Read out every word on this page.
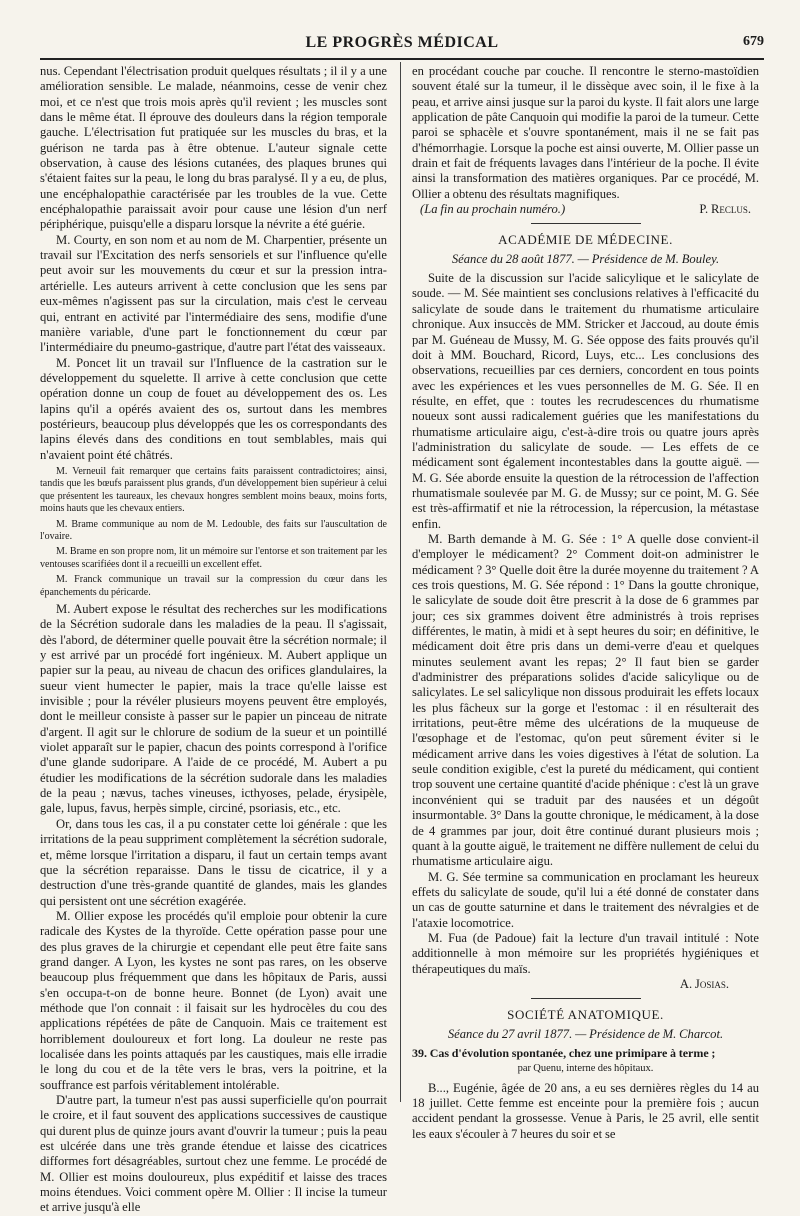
LE PROGRÈS MÉDICAL	679

nus. Cependant l'électrisation produit quelques résultats ; il il y a une amélioration sensible. Le malade, néanmoins, cesse de venir chez moi, et ce n'est que trois mois après qu'il revient ; les muscles sont dans le même état. Il éprouve des douleurs dans la région temporale gauche. L'électrisation fut pratiquée sur les muscles du bras, et la guérison ne tarda pas à être obtenue. L'auteur signale cette observation, à cause des lésions cutanées, des plaques brunes qui s'étaient faites sur la peau, le long du bras paralysé. Il y a eu, de plus, une encéphalopathie caractérisée par les troubles de la vue. Cette encéphalopathie paraissait avoir pour cause une lésion d'un nerf périphérique, puisqu'elle a disparu lorsque la névrite a été guérie.

M. Courty, en son nom et au nom de M. Charpentier, présente un travail sur l'Excitation des nerfs sensoriels et sur l'influence qu'elle peut avoir sur les mouvements du cœur et sur la pression intra-artérielle. Les auteurs arrivent à cette conclusion que les sens par eux-mêmes n'agissent pas sur la circulation, mais c'est le cerveau qui, entrant en activité par l'intermédiaire des sens, modifie d'une manière variable, d'une part le fonctionnement du cœur par l'intermédiaire du pneumo-gastrique, d'autre part l'état des vaisseaux.

M. Poncet lit un travail sur l'Influence de la castration sur le développement du squelette. Il arrive à cette conclusion que cette opération donne un coup de fouet au développement des os. Les lapins qu'il a opérés avaient des os, surtout dans les membres postérieurs, beaucoup plus développés que les os correspondants des lapins élevés dans des conditions en tout semblables, mais qui n'avaient point été châtrés.

M. Verneuil fait remarquer que certains faits paraissent contradictoires; ainsi, tandis que les bœufs paraissent plus grands, d'un développement bien supérieur à celui que présentent les taureaux, les chevaux hongres semblent moins beaux, moins forts, moins hauts que les chevaux entiers.

M. Brame communique au nom de M. Ledouble, des faits sur l'auscultation de l'ovaire.

M. Brame en son propre nom, lit un mémoire sur l'entorse et son traitement par les ventouses scarifiées dont il a recueilli un excellent effet.

M. Franck communique un travail sur la compression du cœur dans les épanchements du péricarde.

M. Aubert expose le résultat des recherches sur les modifications de la Sécrétion sudorale dans les maladies de la peau. Il s'agissait, dès l'abord, de déterminer quelle pouvait être la sécrétion normale; il y est arrivé par un procédé fort ingénieux. M. Aubert applique un papier sur la peau, au niveau de chacun des orifices glandulaires, la sueur vient humecter le papier, mais la trace qu'elle laisse est invisible ; pour la révéler plusieurs moyens peuvent être employés, dont le meilleur consiste à passer sur le papier un pinceau de nitrate d'argent. Il agit sur le chlorure de sodium de la sueur et un pointillé violet apparaît sur le papier, chacun des points correspond à l'orifice d'une glande sudoripare. A l'aide de ce procédé, M. Aubert a pu étudier les modifications de la sécrétion sudorale dans les maladies de la peau ; nævus, taches vineuses, icthyoses, pelade, érysipèle, gale, lupus, favus, herpès simple, circiné, psoriasis, etc., etc.

Or, dans tous les cas, il a pu constater cette loi générale : que les irritations de la peau suppriment complètement la sécrétion sudorale, et, même lorsque l'irritation a disparu, il faut un certain temps avant que la sécrétion reparaisse. Dans le tissu de cicatrice, il y a destruction d'une très-grande quantité de glandes, mais les glandes qui persistent ont une sécrétion exagérée.

M. Ollier expose les procédés qu'il emploie pour obtenir la cure radicale des Kystes de la thyroïde. Cette opération passe pour une des plus graves de la chirurgie et cependant elle peut être faite sans grand danger. A Lyon, les kystes ne sont pas rares, on les observe beaucoup plus fréquemment que dans les hôpitaux de Paris, aussi s'en occupa-t-on de bonne heure. Bonnet (de Lyon) avait une méthode que l'on connait : il faisait sur les hydrocèles du cou des applications répétées de pâte de Canquoin. Mais ce traitement est horriblement douloureux et fort long. La douleur ne reste pas localisée dans les points attaqués par les caustiques, mais elle irradie le long du cou et de la tête vers le bras, vers la poitrine, et la souffrance est parfois véritablement intolérable.

D'autre part, la tumeur n'est pas aussi superficielle qu'on pourrait le croire, et il faut souvent des applications successives de caustique qui durent plus de quinze jours avant d'ouvrir la tumeur ; puis la peau est ulcérée dans une très grande étendue et laisse des cicatrices difformes fort désagréables, surtout chez une femme. Le procédé de M. Ollier est moins douloureux, plus expéditif et laisse des traces moins étendues. Voici comment opère M. Ollier : Il incise la tumeur et arrive jusqu'à elle

en procédant couche par couche. Il rencontre le sterno-mastoïdien souvent étalé sur la tumeur, il le dissèque avec soin, il le fixe à la peau, et arrive ainsi jusque sur la paroi du kyste. Il fait alors une large application de pâte Canquoin qui modifie la paroi de la tumeur. Cette paroi se sphacèle et s'ouvre spontanément, mais il ne se fait pas d'hémorrhagie. Lorsque la poche est ainsi ouverte, M. Ollier passe un drain et fait de fréquents lavages dans l'intérieur de la poche. Il évite ainsi la transformation des matières organiques. Par ce procédé, M. Ollier a obtenu des résultats magnifiques.

(La fin au prochain numéro.)	P. Reclus.
ACADÉMIE DE MÉDECINE.
Séance du 28 août 1877. — Présidence de M. Bouley.

Suite de la discussion sur l'acide salicylique et le salicylate de soude. — M. Sée maintient ses conclusions relatives à l'efficacité du salicylate de soude dans le traitement du rhumatisme articulaire chronique. Aux insuccès de MM. Stricker et Jaccoud, au doute émis par M. Guéneau de Mussy, M. G. Sée oppose des faits prouvés qu'il doit à MM. Bouchard, Ricord, Luys, etc... Les conclusions des observations, recueillies par ces derniers, concordent en tous points avec les expériences et les vues personnelles de M. G. Sée. Il en résulte, en effet, que : toutes les recrudescences du rhumatisme noueux sont aussi radicalement guéries que les manifestations du rhumatisme articulaire aigu, c'est-à-dire trois ou quatre jours après l'administration du salicylate de soude. — Les effets de ce médicament sont également incontestables dans la goutte aiguë. — M. G. Sée aborde ensuite la question de la rétrocession de l'affection rhumatismale soulevée par M. G. de Mussy; sur ce point, M. G. Sée est très-affirmatif et nie la rétrocession, la répercusion, la métastase enfin.

M. Barth demande à M. G. Sée : 1° A quelle dose convient-il d'employer le médicament? 2° Comment doit-on administrer le médicament ? 3° Quelle doit être la durée moyenne du traitement ? A ces trois questions, M. G. Sée répond : 1° Dans la goutte chronique, le salicylate de soude doit être prescrit à la dose de 6 grammes par jour; ces six grammes doivent être administrés à trois reprises différentes, le matin, à midi et à sept heures du soir; en définitive, le médicament doit être pris dans un demi-verre d'eau et quelques minutes seulement avant les repas; 2° Il faut bien se garder d'administrer des préparations solides d'acide salicylique ou de salicylates. Le sel salicylique non dissous produirait les effets locaux les plus fâcheux sur la gorge et l'estomac : il en résulterait des irritations, peut-être même des ulcérations de la muqueuse de l'œsophage et de l'estomac, qu'on peut sûrement éviter si le médicament arrive dans les voies digestives à l'état de solution. La seule condition exigible, c'est la pureté du médicament, qui contient trop souvent une certaine quantité d'acide phénique : c'est là un grave inconvénient qui se traduit par des nausées et un dégoût insurmontable. 3° Dans la goutte chronique, le médicament, à la dose de 4 grammes par jour, doit être continué durant plusieurs mois ; quant à la goutte aiguë, le traitement ne diffère nullement de celui du rhumatisme articulaire aigu.

M. G. Sée termine sa communication en proclamant les heureux effets du salicylate de soude, qu'il lui a été donné de constater dans un cas de goutte saturnine et dans le traitement des névralgies et de l'ataxie locomotrice.

M. Fua (de Padoue) fait la lecture d'un travail intitulé : Note additionnelle à mon mémoire sur les propriétés hygiéniques et thérapeutiques du maïs.

A. Josias.
SOCIÉTÉ ANATOMIQUE.
Séance du 27 avril 1877. — Présidence de M. Charcot.
39. Cas d'évolution spontanée, chez une primipare à terme ;
par Quenu, interne des hôpitaux.

B..., Eugénie, âgée de 20 ans, a eu ses dernières règles du 14 au 18 juillet. Cette femme est enceinte pour la première fois ; aucun accident pendant la grossesse. Venue à Paris, le 25 avril, elle sentit les eaux s'écouler à 7 heures du soir et se
